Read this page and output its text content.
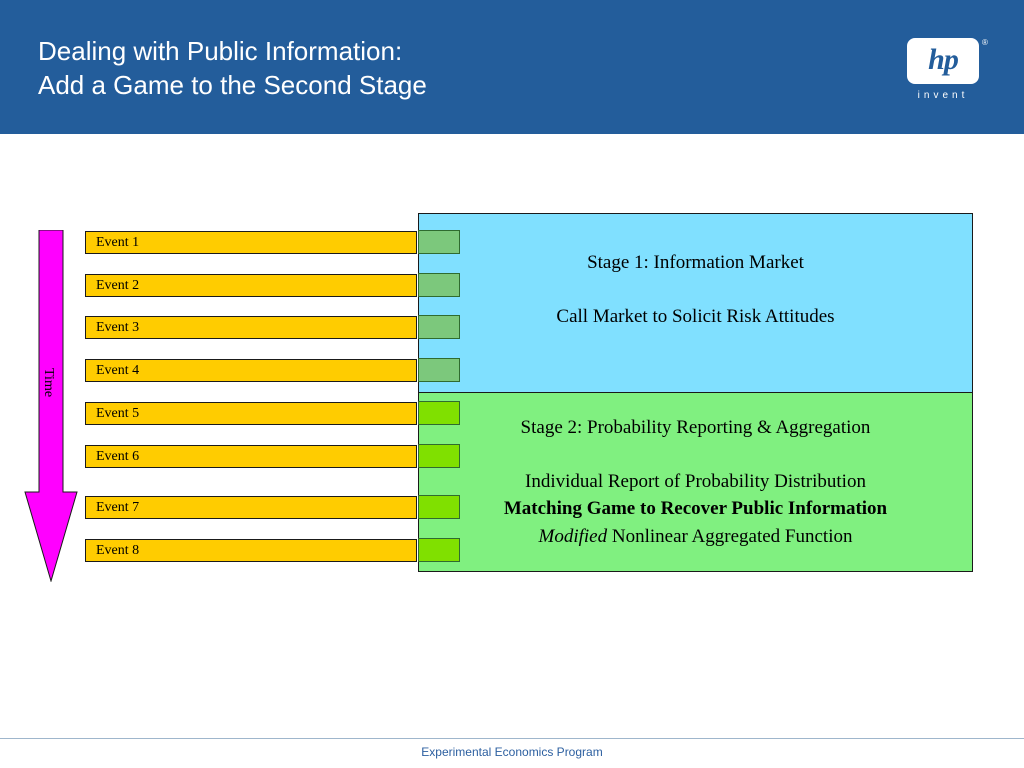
Dealing with Public Information:
Add a Game to the Second Stage
hp
®
invent
Time
Stage 1: Information Market
Call Market to Solicit Risk Attitudes
Stage 2: Probability Reporting & Aggregation
Individual Report of Probability Distribution
Matching Game to Recover Public Information
Modified Nonlinear Aggregated Function
Event 1
Event 2
Event 3
Event 4
Event 5
Event 6
Event 7
Event 8
Experimental Economics Program
